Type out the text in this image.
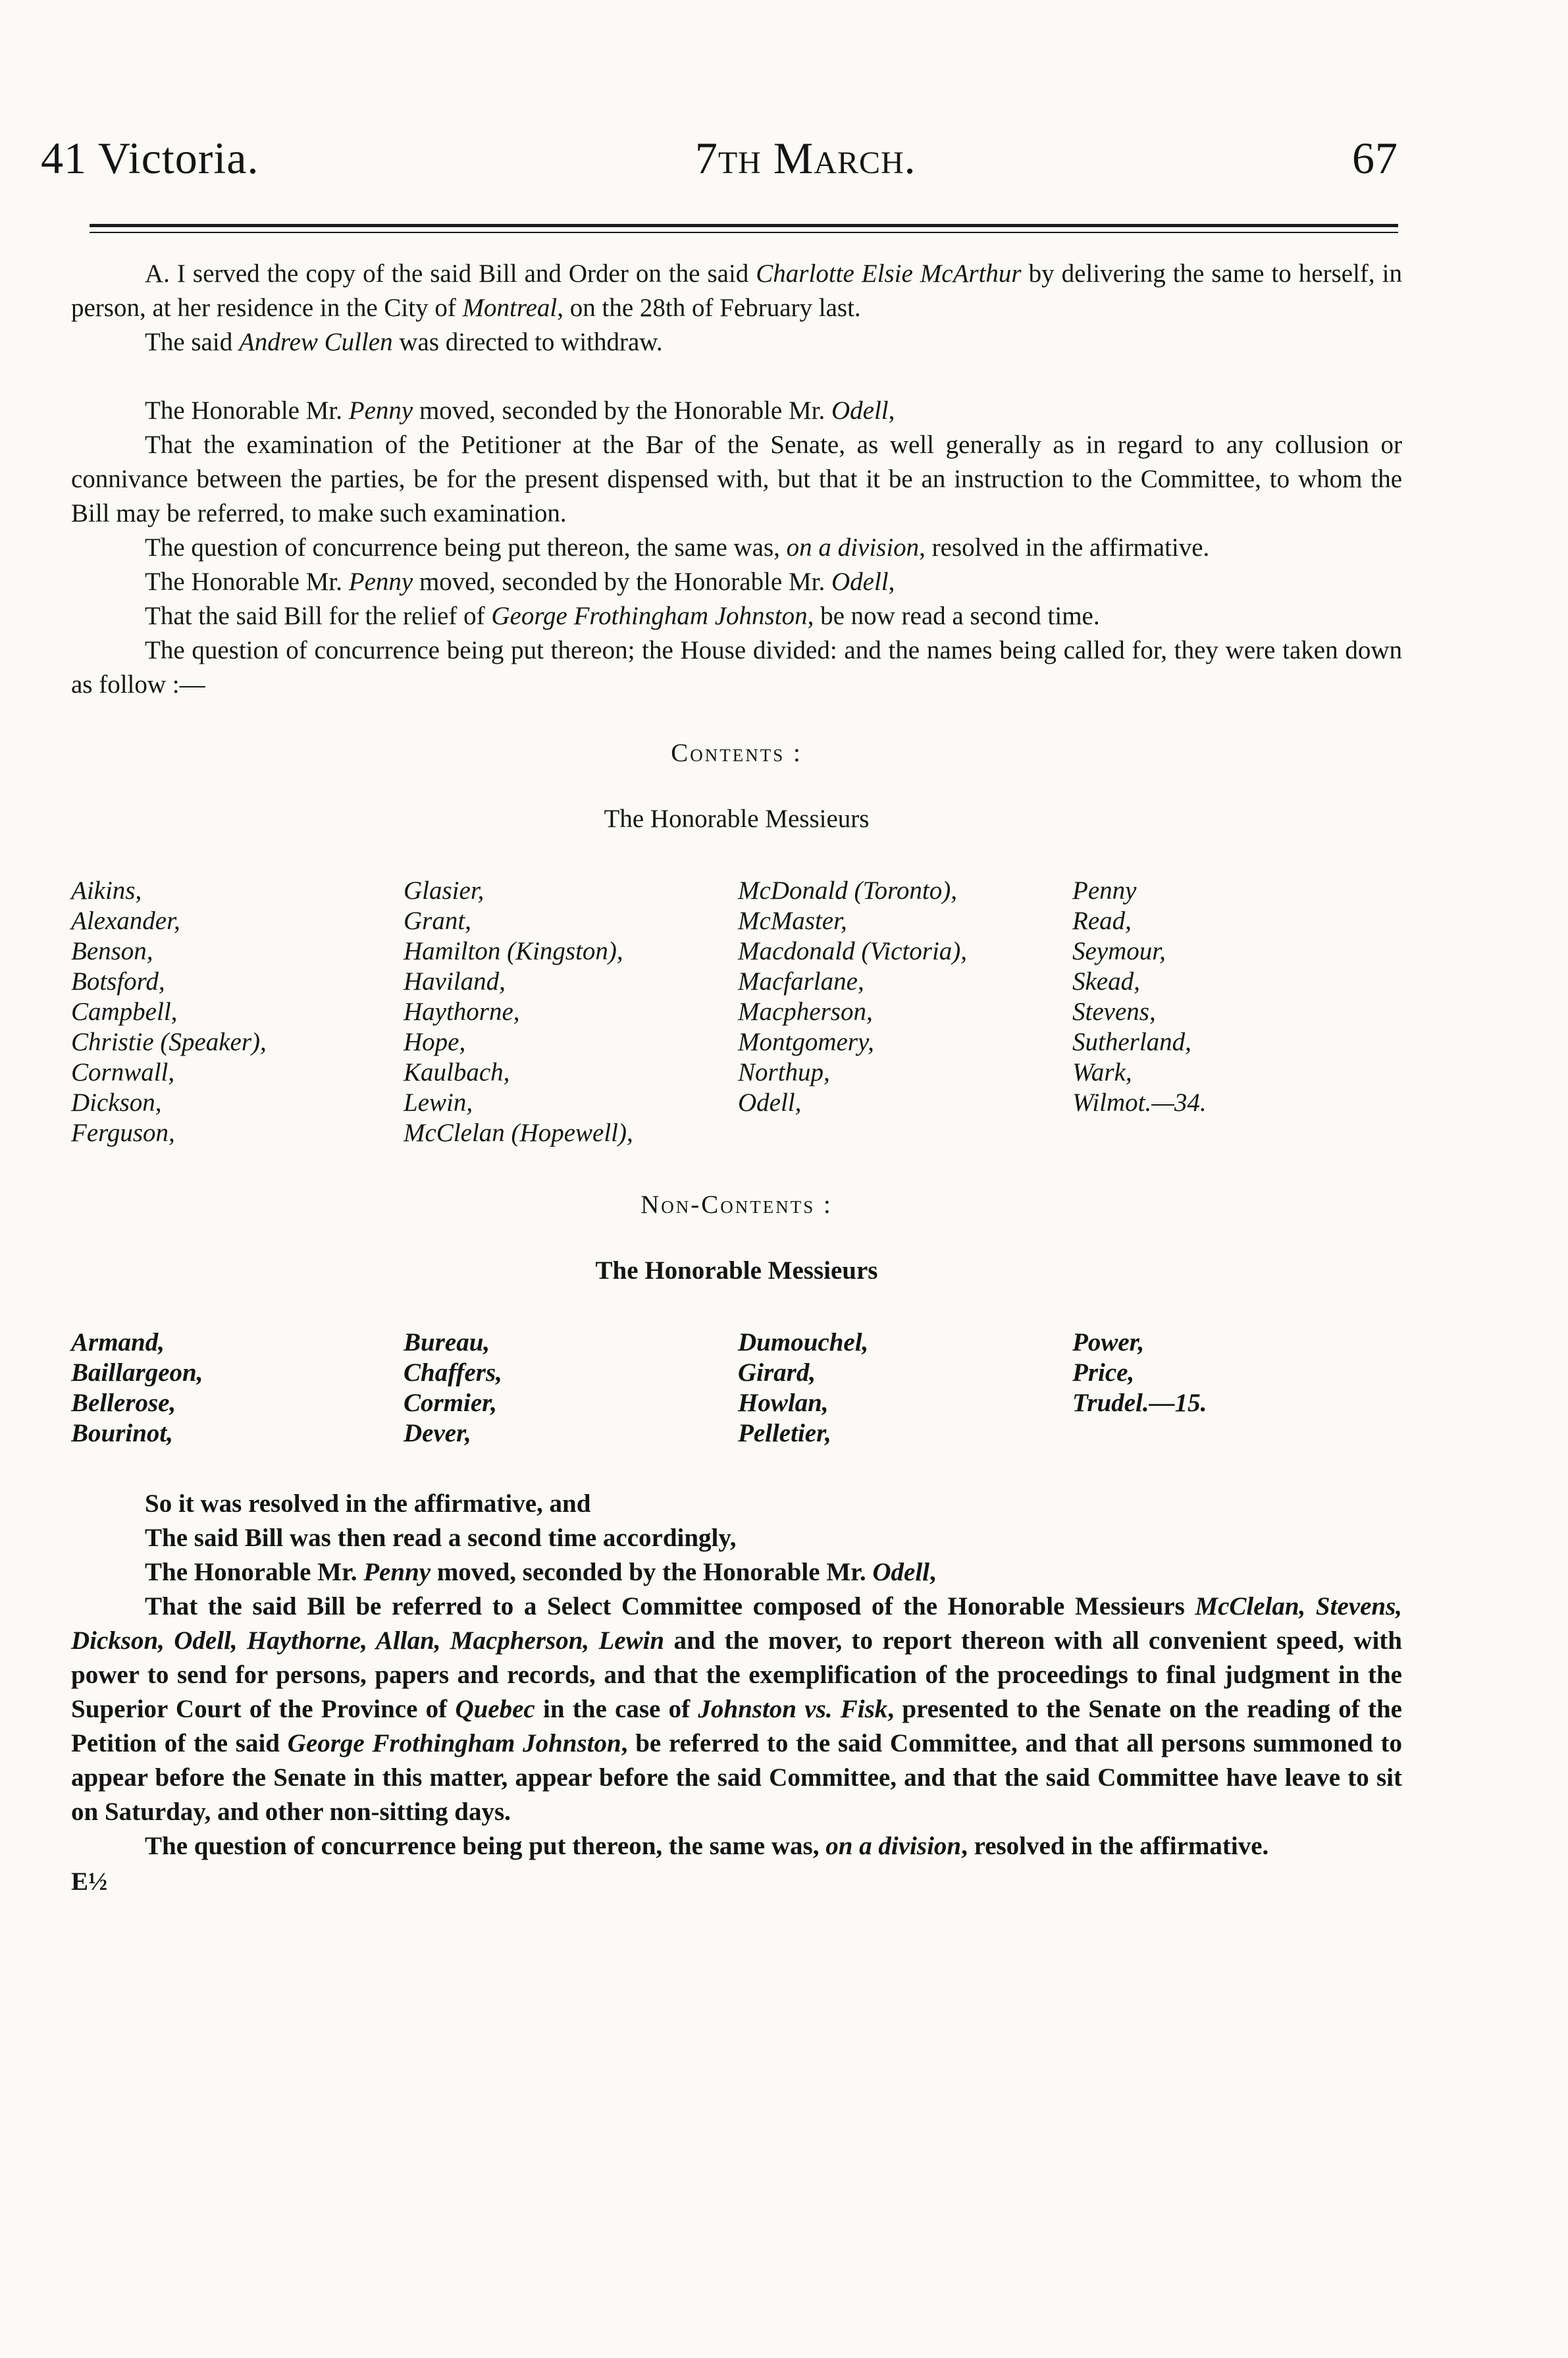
41 Victoria.	7th March.	67

A. I served the copy of the said Bill and Order on the said Charlotte Elsie McArthur by delivering the same to herself, in person, at her residence in the City of Montreal, on the 28th of February last.

The said Andrew Cullen was directed to withdraw.

The Honorable Mr. Penny moved, seconded by the Honorable Mr. Odell,

That the examination of the Petitioner at the Bar of the Senate, as well generally as in regard to any collusion or connivance between the parties, be for the present dispensed with, but that it be an instruction to the Committee, to whom the Bill may be referred, to make such examination.

The question of concurrence being put thereon, the same was, on a division, resolved in the affirmative.

The Honorable Mr. Penny moved, seconded by the Honorable Mr. Odell,

That the said Bill for the relief of George Frothingham Johnston, be now read a second time.

The question of concurrence being put thereon; the House divided: and the names being called for, they were taken down as follow :—

Contents :
The Honorable Messieurs
Aikins,
Alexander,
Benson,
Botsford,
Campbell,
Christie (Speaker),
Cornwall,
Dickson,
Ferguson,
Glasier,
Grant,
Hamilton (Kingston),
Haviland,
Haythorne,
Hope,
Kaulbach,
Lewin,
McClelan (Hopewell),
McDonald (Toronto),
McMaster,
Macdonald (Victoria),
Macfarlane,
Macpherson,
Montgomery,
Northup,
Odell,
Penny
Read,
Seymour,
Skead,
Stevens,
Sutherland,
Wark,
Wilmot.—34.
Non-Contents :
The Honorable Messieurs
Armand,
Baillargeon,
Bellerose,
Bourinot,
Bureau,
Chaffers,
Cormier,
Dever,
Dumouchel,
Girard,
Howlan,
Pelletier,
Power,
Price,
Trudel.—15.

So it was resolved in the affirmative, and

The said Bill was then read a second time accordingly,

The Honorable Mr. Penny moved, seconded by the Honorable Mr. Odell,

That the said Bill be referred to a Select Committee composed of the Honorable Messieurs McClelan, Stevens, Dickson, Odell, Haythorne, Allan, Macpherson, Lewin and the mover, to report thereon with all convenient speed, with power to send for persons, papers and records, and that the exemplification of the proceedings to final judgment in the Superior Court of the Province of Quebec in the case of Johnston vs. Fisk, presented to the Senate on the reading of the Petition of the said George Frothingham Johnston, be referred to the said Committee, and that all persons summoned to appear before the Senate in this matter, appear before the said Committee, and that the said Committee have leave to sit on Saturday, and other non-sitting days.

The question of concurrence being put thereon, the same was, on a division, resolved in the affirmative.

E½
